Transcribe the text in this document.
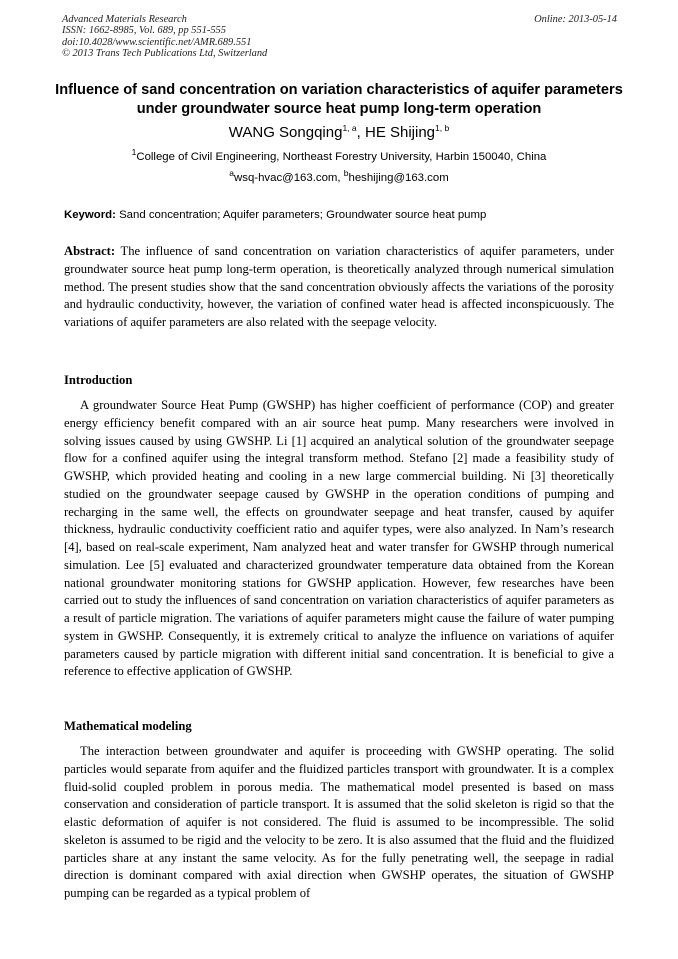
Advanced Materials Research
ISSN: 1662-8985, Vol. 689, pp 551-555
doi:10.4028/www.scientific.net/AMR.689.551
© 2013 Trans Tech Publications Ltd, Switzerland
Online: 2013-05-14
Influence of sand concentration on variation characteristics of aquifer parameters under groundwater source heat pump long-term operation
WANG Songqing$^{1, a}$, HE Shijing$^{1, b}$
$^1$College of Civil Engineering, Northeast Forestry University, Harbin 150040, China
$^a$wsq-hvac@163.com, $^b$heshijing@163.com
Keyword: Sand concentration; Aquifer parameters; Groundwater source heat pump
Abstract: The influence of sand concentration on variation characteristics of aquifer parameters, under groundwater source heat pump long-term operation, is theoretically analyzed through numerical simulation method. The present studies show that the sand concentration obviously affects the variations of the porosity and hydraulic conductivity, however, the variation of confined water head is affected inconspicuously. The variations of aquifer parameters are also related with the seepage velocity.
Introduction
A groundwater Source Heat Pump (GWSHP) has higher coefficient of performance (COP) and greater energy efficiency benefit compared with an air source heat pump. Many researchers were involved in solving issues caused by using GWSHP. Li [1] acquired an analytical solution of the groundwater seepage flow for a confined aquifer using the integral transform method. Stefano [2] made a feasibility study of GWSHP, which provided heating and cooling in a new large commercial building. Ni [3] theoretically studied on the groundwater seepage caused by GWSHP in the operation conditions of pumping and recharging in the same well, the effects on groundwater seepage and heat transfer, caused by aquifer thickness, hydraulic conductivity coefficient ratio and aquifer types, were also analyzed. In Nam’s research [4], based on real-scale experiment, Nam analyzed heat and water transfer for GWSHP through numerical simulation. Lee [5] evaluated and characterized groundwater temperature data obtained from the Korean national groundwater monitoring stations for GWSHP application. However, few researches have been carried out to study the influences of sand concentration on variation characteristics of aquifer parameters as a result of particle migration. The variations of aquifer parameters might cause the failure of water pumping system in GWSHP. Consequently, it is extremely critical to analyze the influence on variations of aquifer parameters caused by particle migration with different initial sand concentration. It is beneficial to give a reference to effective application of GWSHP.
Mathematical modeling
The interaction between groundwater and aquifer is proceeding with GWSHP operating. The solid particles would separate from aquifer and the fluidized particles transport with groundwater. It is a complex fluid-solid coupled problem in porous media. The mathematical model presented is based on mass conservation and consideration of particle transport. It is assumed that the solid skeleton is rigid so that the elastic deformation of aquifer is not considered. The fluid is assumed to be incompressible. The solid skeleton is assumed to be rigid and the velocity to be zero. It is also assumed that the fluid and the fluidized particles share at any instant the same velocity. As for the fully penetrating well, the seepage in radial direction is dominant compared with axial direction when GWSHP operates, the situation of GWSHP pumping can be regarded as a typical problem of
